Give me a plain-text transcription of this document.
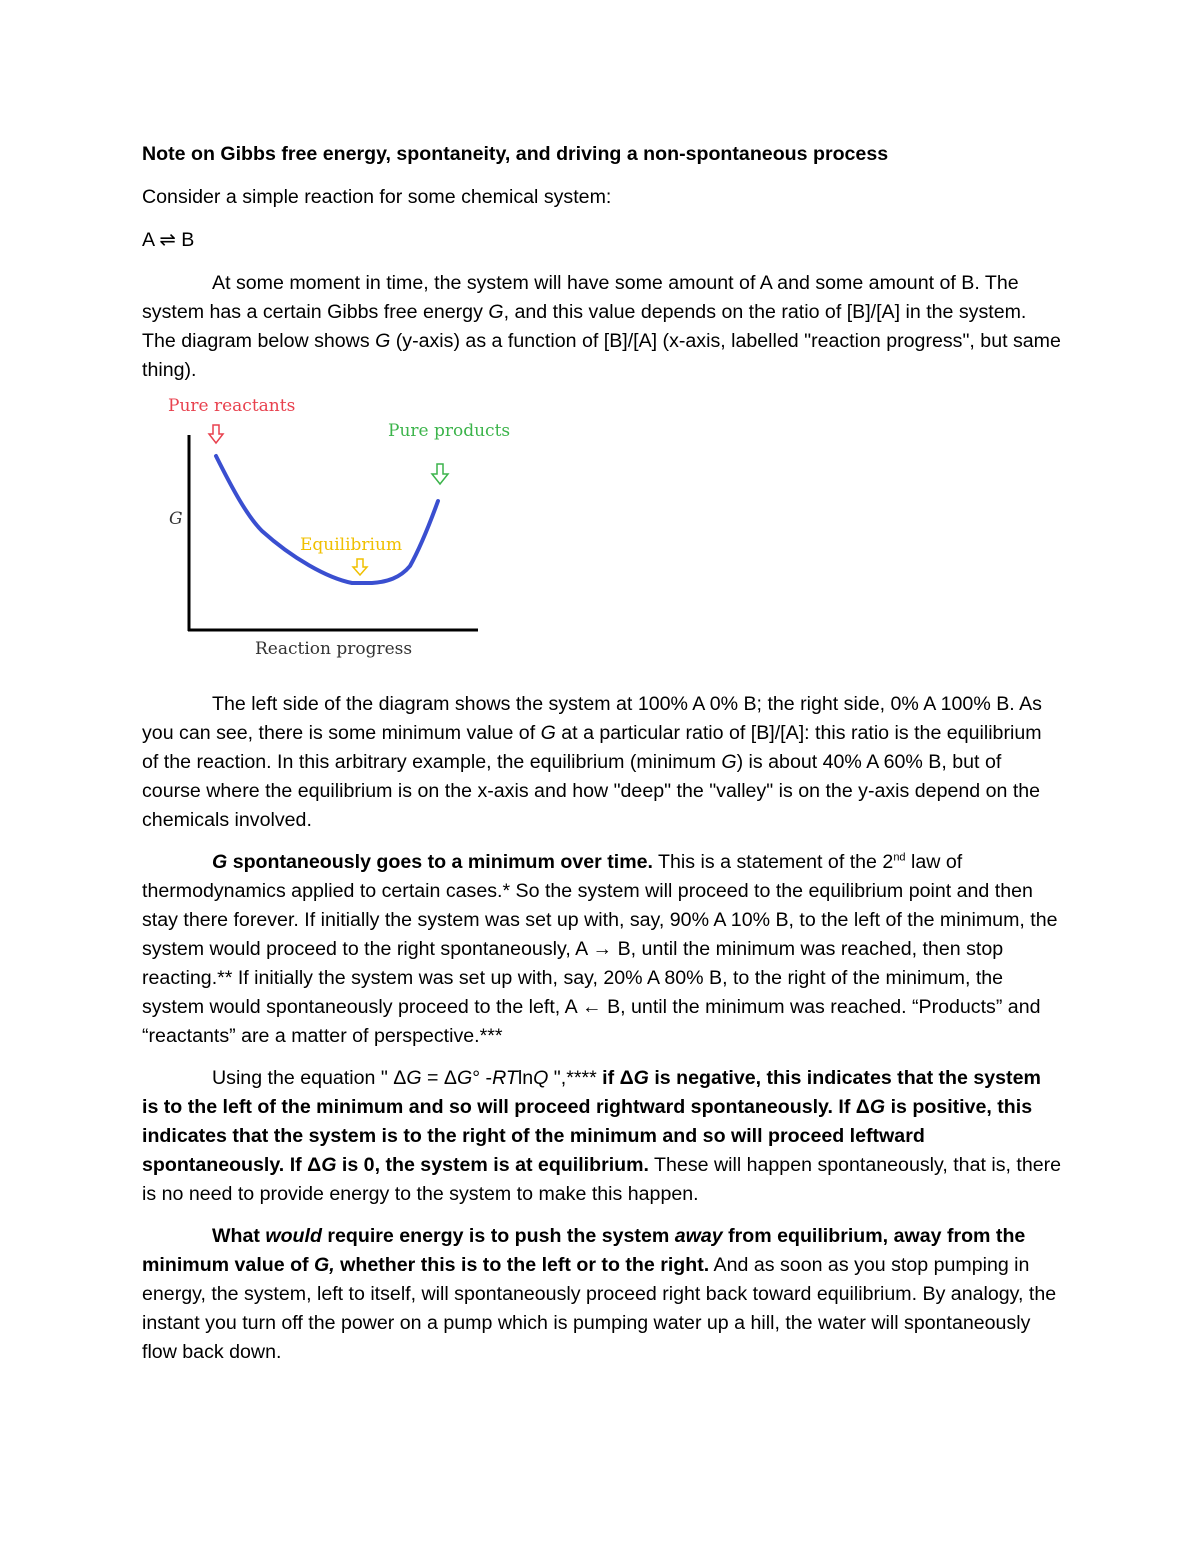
Note on Gibbs free energy, spontaneity, and driving a non-spontaneous process

Consider a simple reaction for some chemical system:

A ⇌ B

At some moment in time, the system will have some amount of A and some amount of B. The system has a certain Gibbs free energy G, and this value depends on the ratio of [B]/[A] in the system. The diagram below shows G (y-axis) as a function of [B]/[A] (x-axis, labelled "reaction progress", but same thing).

Pure reactants
Pure products
Equilibrium
G
Reaction progress

The left side of the diagram shows the system at 100% A 0% B; the right side, 0% A 100% B. As you can see, there is some minimum value of G at a particular ratio of [B]/[A]: this ratio is the equilibrium of the reaction. In this arbitrary example, the equilibrium (minimum G) is about 40% A 60% B, but of course where the equilibrium is on the x-axis and how "deep" the "valley" is on the y-axis depend on the chemicals involved.

G spontaneously goes to a minimum over time. This is a statement of the 2nd law of thermodynamics applied to certain cases.* So the system will proceed to the equilibrium point and then stay there forever. If initially the system was set up with, say, 90% A 10% B, to the left of the minimum, the system would proceed to the right spontaneously, A → B, until the minimum was reached, then stop reacting.** If initially the system was set up with, say, 20% A 80% B, to the right of the minimum, the system would spontaneously proceed to the left, A ← B, until the minimum was reached. “Products” and “reactants” are a matter of perspective.***

Using the equation " ΔG = ΔG° -RTlnQ ",**** if ΔG is negative, this indicates that the system is to the left of the minimum and so will proceed rightward spontaneously. If ΔG is positive, this indicates that the system is to the right of the minimum and so will proceed leftward spontaneously. If ΔG is 0, the system is at equilibrium. These will happen spontaneously, that is, there is no need to provide energy to the system to make this happen.

What would require energy is to push the system away from equilibrium, away from the minimum value of G, whether this is to the left or to the right. And as soon as you stop pumping in energy, the system, left to itself, will spontaneously proceed right back toward equilibrium. By analogy, the instant you turn off the power on a pump which is pumping water up a hill, the water will spontaneously flow back down.
